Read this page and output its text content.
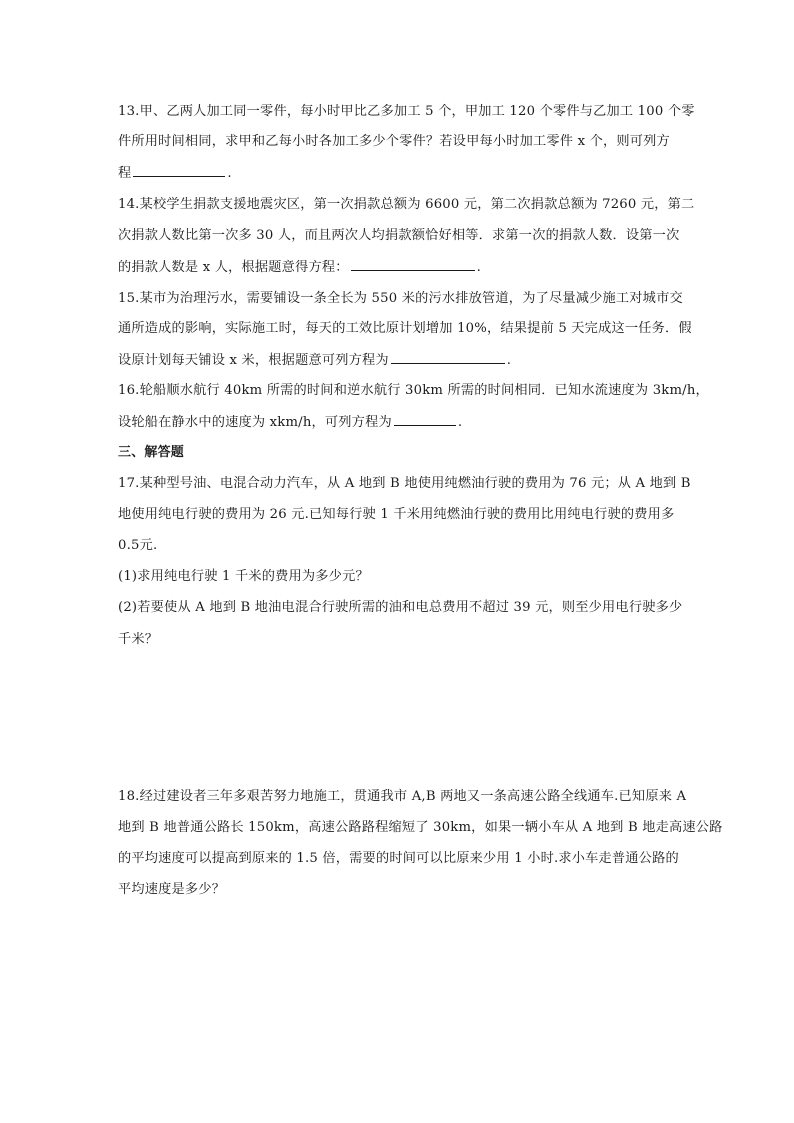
13.甲、乙两人加工同一零件，每小时甲比乙多加工 5 个，甲加工 120 个零件与乙加工 100 个零
件所用时间相同，求甲和乙每小时各加工多少个零件？若设甲每小时加工零件 x 个，则可列方
程	.
14.某校学生捐款支援地震灾区，第一次捐款总额为 6600 元，第二次捐款总额为 7260 元，第二
次捐款人数比第一次多 30 人，而且两次人均捐款额恰好相等．求第一次的捐款人数．设第一次
的捐款人数是 x 人，根据题意得方程：	.
15.某市为治理污水，需要铺设一条全长为 550 米的污水排放管道，为了尽量减少施工对城市交
通所造成的影响，实际施工时，每天的工效比原计划增加 10%，结果提前 5 天完成这一任务．假
设原计划每天铺设 x 米，根据题意可列方程为	.
16.轮船顺水航行 40km 所需的时间和逆水航行 30km 所需的时间相同．已知水流速度为 3km/h，
设轮船在静水中的速度为 xkm/h，可列方程为	.
三、解答题
17.某种型号油、电混合动力汽车，从 A 地到 B 地使用纯燃油行驶的费用为 76 元；从 A 地到 B
地使用纯电行驶的费用为 26 元.已知每行驶 1 千米用纯燃油行驶的费用比用纯电行驶的费用多
0.5元.
(1)求用纯电行驶 1 千米的费用为多少元？
(2)若要使从 A 地到 B 地油电混合行驶所需的油和电总费用不超过 39 元，则至少用电行驶多少
千米？
18.经过建设者三年多艰苦努力地施工，贯通我市 A,B 两地又一条高速公路全线通车.已知原来 A
地到 B 地普通公路长 150km，高速公路路程缩短了 30km，如果一辆小车从 A 地到 B 地走高速公路
的平均速度可以提高到原来的 1.5 倍，需要的时间可以比原来少用 1 小时.求小车走普通公路的
平均速度是多少？
